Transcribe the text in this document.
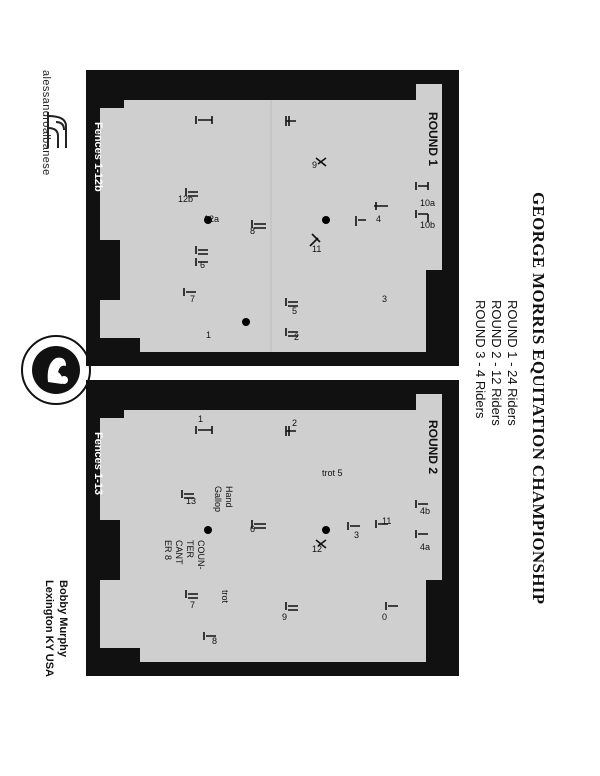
GEORGE MORRIS EQUITATION CHAMPIONSHIP
ROUND 1 - 24 Riders
ROUND 2 - 12 Riders
ROUND 3 - 4 Riders
Bobby Murphy
Lexington KY USA
alessandroalbanese
10a
10b
9
4
11
3
12a
12b
8
6
7
5
2
1
ROUND 1
Fences 1-12b
4b
4a
11
0
3
trot 5
12
9
2
1
6
13
7
8
ROUND 2
Fences 1-13
Hand
Gallop
trot
COUN-
TER
CANT
ER 8
